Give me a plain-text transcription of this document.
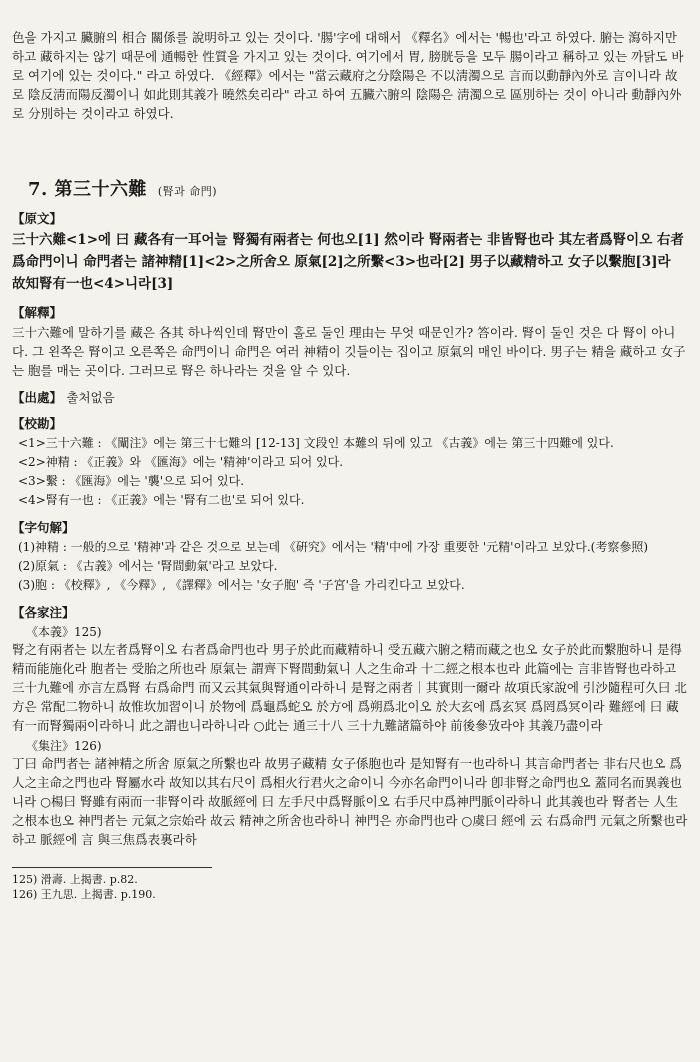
色을 가지고 臟腑의 相合 關係를 說明하고 있는 것이다. '腸'字에 대해서 《釋名》에서는 '暢也'라고 하였다. 腑는 瀉하지만 하고 藏하지는 않기 때문에 通暢한 性質을 가지고 있는 것이다. 여기에서 胃, 膀胱등을 모두 腸이라고 稱하고 있는 까닭도 바로 여기에 있는 것이다." 라고 하였다. 《經釋》에서는 "當云藏府之分陰陽은 不以淸濁으로 言而以動靜內外로 言이니라 故로 陰反淸而陽反濁이니 如此則其義가 曉然矣리라" 라고 하여 五臟六腑의 陰陽은 淸濁으로 區別하는 것이 아니라 動靜內外로 分別하는 것이라고 하였다.

7. 第三十六難 (腎과 命門)
【原文】
三十六難<1>에 曰 藏各有一耳어늘 腎獨有兩者는 何也오[1] 然이라 腎兩者는 非皆腎也라 其左者爲腎이오 右者爲命門이니 命門者는 諸神精[1]<2>之所舍오 原氣[2]之所繫<3>也라[2] 男子以藏精하고 女子以繫胞[3]라 故知腎有一也<4>니라[3]
【解釋】

三十六難에 말하기를 藏은 各其 하나씩인데 腎만이 홀로 둘인 理由는 무엇 때문인가? 答이라. 腎이 둘인 것은 다 腎이 아니다. 그 왼쪽은 腎이고 오른쪽은 命門이니 命門은 여러 神精이 깃들이는 집이고 原氣의 매인 바이다. 男子는 精을 藏하고 女子는 胞를 매는 곳이다. 그러므로 腎은 하나라는 것을 알 수 있다.

【出處】 출처없음
【校勘】
<1>三十六難 : 《闡注》에는 第三十七難의 [12-13] 文段인 本難의 뒤에 있고 《古義》에는 第三十四難에 있다.
<2>神精 : 《正義》와 《匯海》에는 '精神'이라고 되어 있다.
<3>繫 : 《匯海》에는 '襲'으로 되어 있다.
<4>腎有一也 : 《正義》에는 '腎有二也'로 되어 있다.
【字句解】
(1)神精 : 一般的으로 '精神'과 같은 것으로 보는데 《硏究》에서는 '精'中에 가장 重要한 '元精'이라고 보았다.(考察參照)
(2)原氣 : 《古義》에서는 '腎間動氣'라고 보았다.
(3)胞 : 《校釋》, 《今釋》, 《譯釋》에서는 '女子胞' 즉 '子宮'을 가리킨다고 보았다.
【各家注】
《本義》125)

腎之有兩者는 以左者爲腎이오 右者爲命門也라 男子於此而藏精하니 受五藏六腑之精而藏之也오 女子於此而繫胞하니 是得精而能施化라 胞者는 受胎之所也라 原氣는 謂齊下腎間動氣니 人之生命과 十二經之根本也라 此篇에는 言非皆腎也라하고 三十九難에 亦言左爲腎 右爲命門 而又云其氣與腎通이라하니 是腎之兩者｜其實則一爾라 故項氏家說에 引沙隨程可久曰 北方은 常配二物하니 故惟坎加習이니 於物에 爲龜爲蛇오 於方에 爲朔爲北이오 於大玄에 爲玄冥 爲罔爲冥이라 難經에 曰 藏有一而腎獨兩이라하니 此之謂也니라하니라 ○此는 通三十八 三十九難諸篇하야 前後參攷라야 其義乃盡이라

《集注》126)

丁曰 命門者는 諸神精之所舍 原氣之所繫也라 故男子藏精 女子係胞也라 是知腎有一也라하니 其言命門者는 非右尺也오 爲人之主命之門也라 腎屬水라 故知以其右尺이 爲相火行君火之命이니 今亦名命門이니라 卽非腎之命門也오 蓋同名而異義也니라 ○楊曰 腎雖有兩而一非腎이라 故脈經에 曰 左手尺中爲腎脈이오 右手尺中爲神門脈이라하니 此其義也라 腎者는 人生之根本也오 神門者는 元氣之宗始라 故云 精神之所舍也라하니 神門은 亦命門也라 ○虞曰 經에 云 右爲命門 元氣之所繫也라하고 脈經에 言 與三焦爲表裏라하

125) 滑壽. 上揭書. p.82.
126) 王九思. 上揭書. p.190.
